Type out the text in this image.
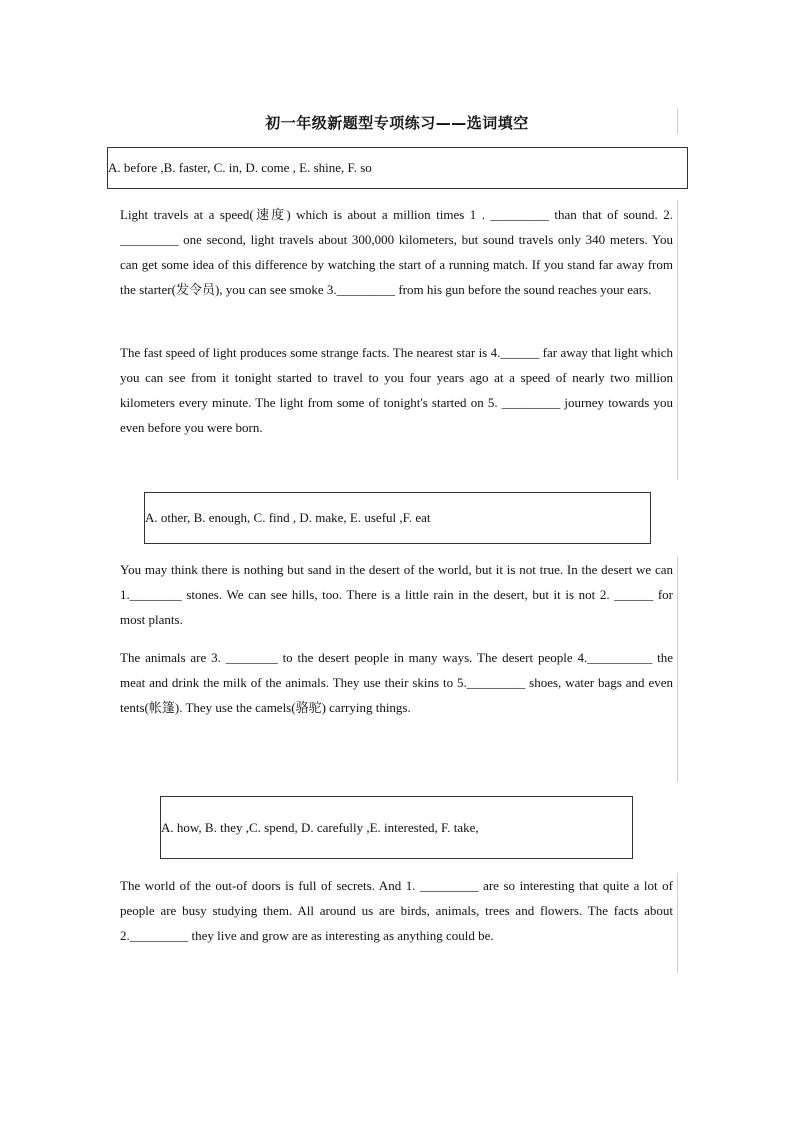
初一年级新题型专项练习——选词填空
A. before ,B. faster, C. in, D. come , E. shine, F. so

Light travels at a speed(速度) which is about a million times 1 . _________ than that of sound. 2. _________ one second, light travels about 300,000 kilometers, but sound travels only 340 meters. You can get some idea of this difference by watching the start of a running match. If you stand far away from the starter(发令员), you can see smoke 3._________ from his gun before the sound reaches your ears.

The fast speed of light produces some strange facts. The nearest star is 4.______ far away that light which you can see from it tonight started to travel to you four years ago at a speed of nearly two million kilometers every minute. The light from some of tonight's started on 5. _________ journey towards you even before you were born.

A. other, B. enough, C. find , D. make, E. useful ,F. eat

You may think there is nothing but sand in the desert of the world, but it is not true. In the desert we can 1.________ stones. We can see hills, too. There is a little rain in the desert, but it is not 2. ______ for most plants.

The animals are 3. ________ to the desert people in many ways. The desert people 4.__________ the meat and drink the milk of the animals. They use their skins to 5._________ shoes, water bags and even tents(帐篷). They use the camels(骆驼) carrying things.

A. how, B. they ,C. spend, D. carefully ,E. interested, F. take,

The world of the out-of doors is full of secrets. And 1. _________ are so interesting that quite a lot of people are busy studying them. All around us are birds, animals, trees and flowers. The facts about 2._________ they live and grow are as interesting as anything could be.
